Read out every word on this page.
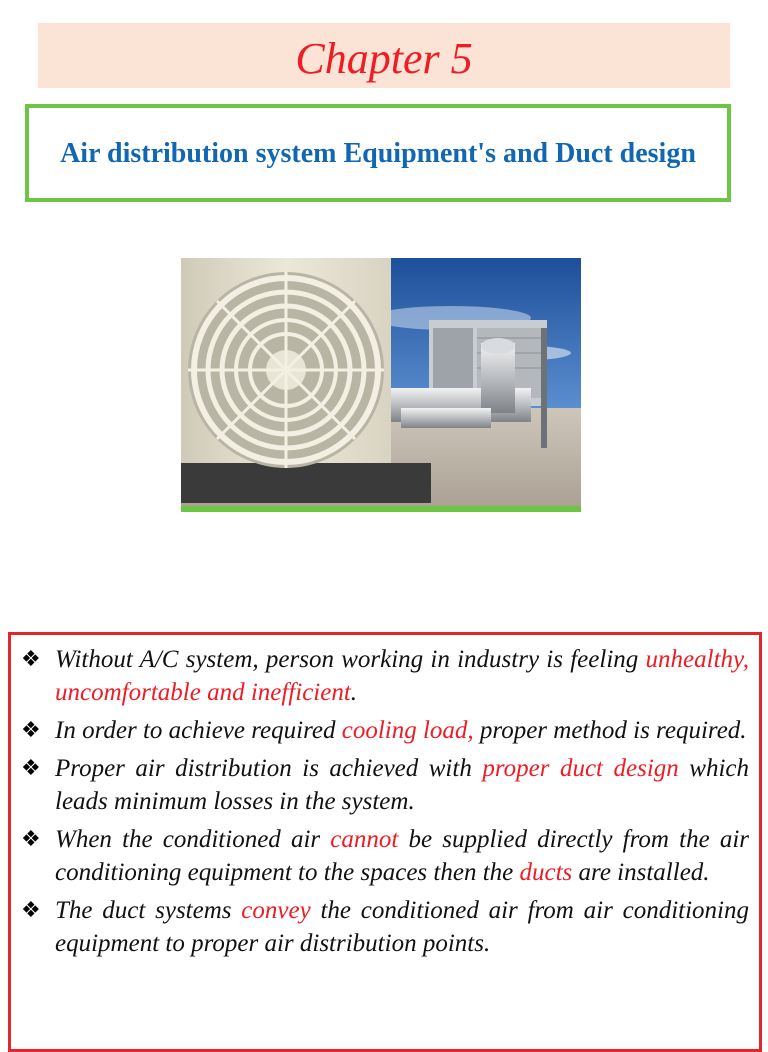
Chapter 5
Air distribution system Equipment's and Duct design
❖ Without A/C system, person working in industry is feeling unhealthy, uncomfortable and inefficient.
❖ In order to achieve required cooling load, proper method is required.
❖ Proper air distribution is achieved with proper duct design which leads minimum losses in the system.
❖ When the conditioned air cannot be supplied directly from the air conditioning equipment to the spaces then the ducts are installed.
❖ The duct systems convey the conditioned air from air conditioning equipment to proper air distribution points.
